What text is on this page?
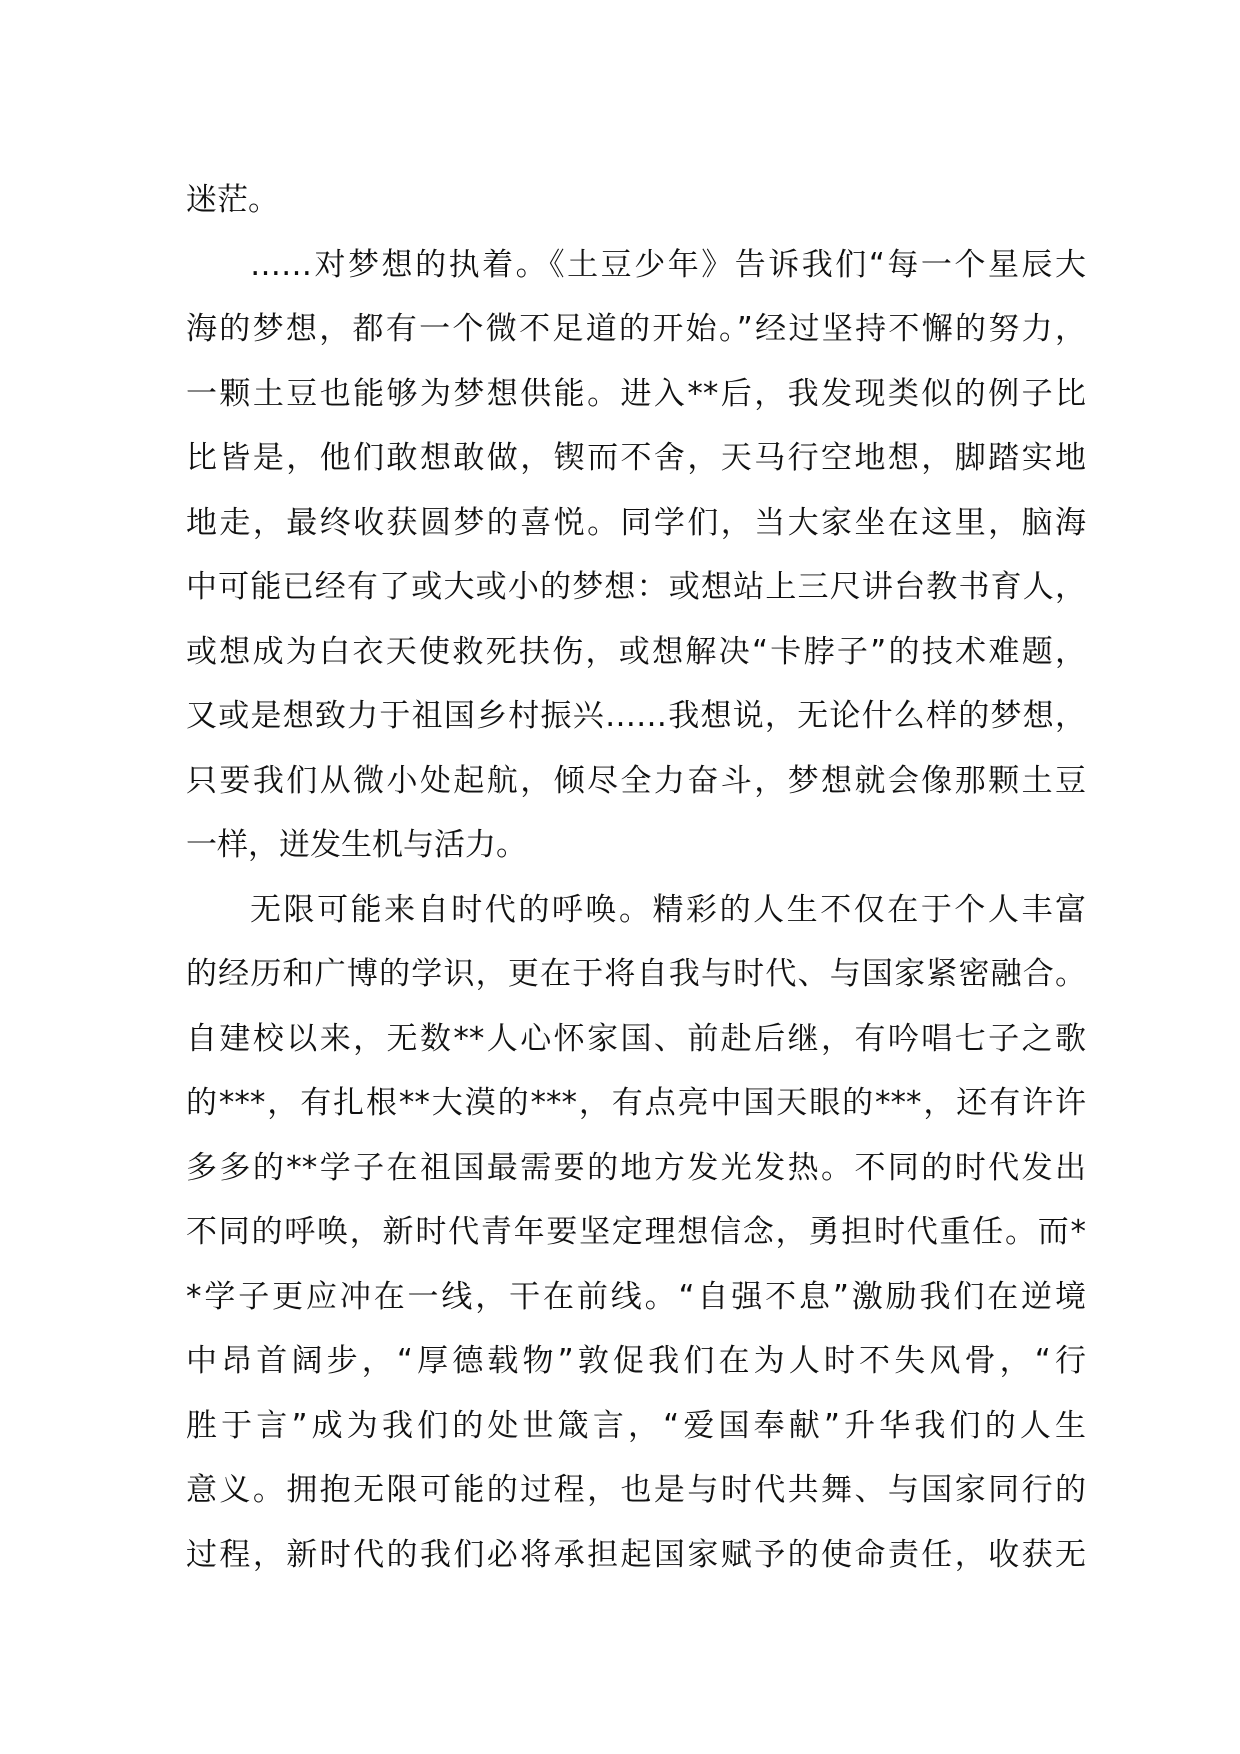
迷茫。
……对梦想的执着。《土豆少年》告诉我们“每一个星辰大
海的梦想，都有一个微不足道的开始。”经过坚持不懈的努力，
一颗土豆也能够为梦想供能。进入**后，我发现类似的例子比
比皆是，他们敢想敢做，锲而不舍，天马行空地想，脚踏实地
地走，最终收获圆梦的喜悦。同学们，当大家坐在这里，脑海
中可能已经有了或大或小的梦想：或想站上三尺讲台教书育人，
或想成为白衣天使救死扶伤，或想解决“卡脖子”的技术难题，
又或是想致力于祖国乡村振兴……我想说，无论什么样的梦想，
只要我们从微小处起航，倾尽全力奋斗，梦想就会像那颗土豆
一样，迸发生机与活力。
无限可能来自时代的呼唤。精彩的人生不仅在于个人丰富
的经历和广博的学识，更在于将自我与时代、与国家紧密融合。
自建校以来，无数**人心怀家国、前赴后继，有吟唱七子之歌
的***，有扎根**大漠的***，有点亮中国天眼的***，还有许许
多多的**学子在祖国最需要的地方发光发热。不同的时代发出
不同的呼唤，新时代青年要坚定理想信念，勇担时代重任。而*
*学子更应冲在一线，干在前线。“自强不息”激励我们在逆境
中昂首阔步，“厚德载物”敦促我们在为人时不失风骨，“行
胜于言”成为我们的处世箴言，“爱国奉献”升华我们的人生
意义。拥抱无限可能的过程，也是与时代共舞、与国家同行的
过程，新时代的我们必将承担起国家赋予的使命责任，收获无
